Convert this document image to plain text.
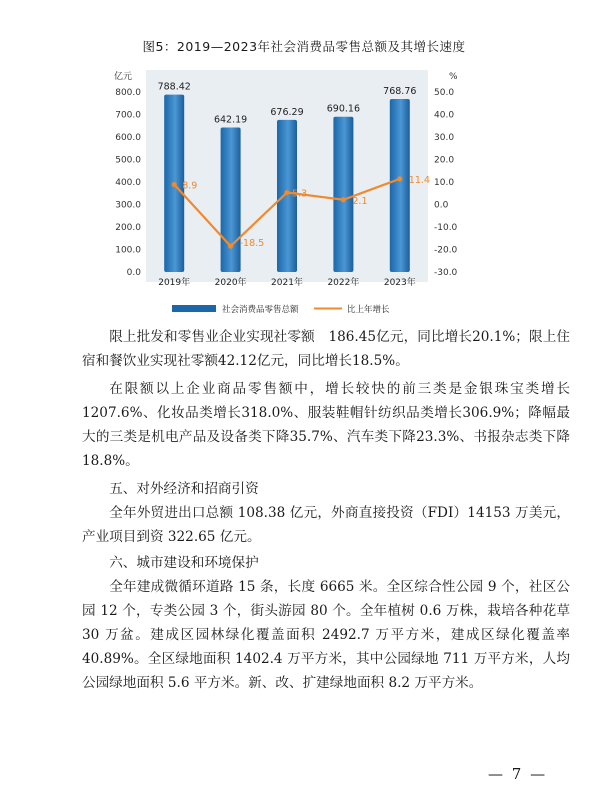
图5：2019—2023年社会消费品零售总额及其增长速度
0.0
100.0
200.0
300.0
400.0
500.0
600.0
700.0
800.0
-30.0
-20.0
-10.0
0.0
10.0
20.0
30.0
40.0
50.0
亿元	%
788.42
642.19
676.29 690.16
768.76
2019年	2020年	2021年	2022年	2023年
8.9
-18.5
5.3
2.1
11.4
社会消费品零售总额	比上年增长

限上批发和零售业企业实现社零额　186.45亿元，同比增长20.1%；限上住宿和餐饮业实现社零额42.12亿元，同比增长18.5%。

在限额以上企业商品零售额中，增长较快的前三类是金银珠宝类增长1207.6%、化妆品类增长318.0%、服装鞋帽针纺织品类增长306.9%；降幅最大的三类是机电产品及设备类下降35.7%、汽车类下降23.3%、书报杂志类下降18.8%。

五、对外经济和招商引资

全年外贸进出口总额 108.38 亿元，外商直接投资（FDI）14153 万美元，产业项目到资 322.65 亿元。

六、城市建设和环境保护

全年建成微循环道路 15 条，长度 6665 米。全区综合性公园 9 个，社区公园 12 个，专类公园 3 个，街头游园 80 个。全年植树 0.6 万株，栽培各种花草 30 万盆。建成区园林绿化覆盖面积 2492.7 万平方米，建成区绿化覆盖率 40.89%。全区绿地面积 1402.4 万平方米，其中公园绿地 711 万平方米，人均公园绿地面积 5.6 平方米。新、改、扩建绿地面积 8.2 万平方米。

— 7 —
